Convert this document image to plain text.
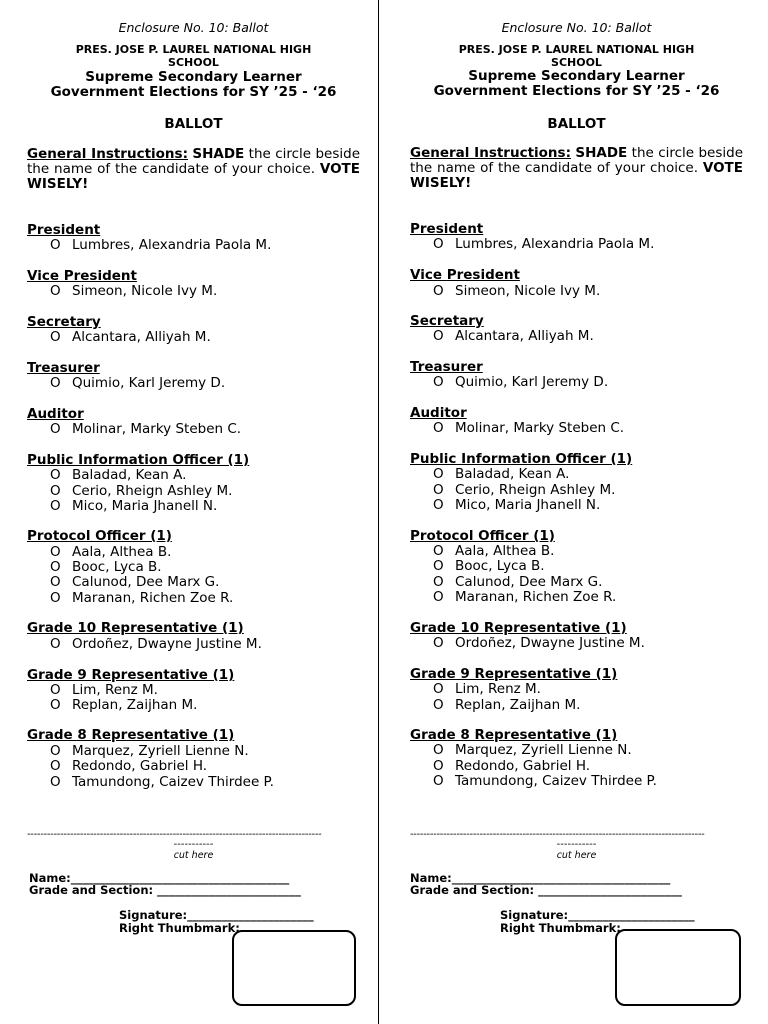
Enclosure No. 10: Ballot
PRES. JOSE P. LAUREL NATIONAL HIGH
SCHOOL
Supreme Secondary Learner
Government Elections for SY ’25 - ‘26
BALLOT
General Instructions: SHADE the circle beside the name of the candidate of your choice. VOTE WISELY!
President
O Lumbres, Alexandria Paola M.
Vice President
O Simeon, Nicole Ivy M.
Secretary
O Alcantara, Alliyah M.
Treasurer
O Quimio, Karl Jeremy D.
Auditor
O Molinar, Marky Steben C.
Public Information Officer (1)
O Baladad, Kean A.
O Cerio, Rheign Ashley M.
O Mico, Maria Jhanell N.
Protocol Officer (1)
O Aala, Althea B.
O Booc, Lyca B.
O Calunod, Dee Marx G.
O Maranan, Richen Zoe R.
Grade 10 Representative (1)
O Ordoñez, Dwayne Justine M.
Grade 9 Representative (1)
O Lim, Renz M.
O Replan, Zaijhan M.
Grade 8 Representative (1)
O Marquez, Zyriell Lienne N.
O Redondo, Gabriel H.
O Tamundong, Caizev Thirdee P.
-----------------------------------------------------------------------------------------
-----------
cut here
Name:______________________________________
Grade and Section: _________________________
Signature:______________________
Right Thumbmark:
Enclosure No. 10: Ballot
PRES. JOSE P. LAUREL NATIONAL HIGH
SCHOOL
Supreme Secondary Learner
Government Elections for SY ’25 - ‘26
BALLOT
General Instructions: SHADE the circle beside the name of the candidate of your choice. VOTE WISELY!
President
O Lumbres, Alexandria Paola M.
Vice President
O Simeon, Nicole Ivy M.
Secretary
O Alcantara, Alliyah M.
Treasurer
O Quimio, Karl Jeremy D.
Auditor
O Molinar, Marky Steben C.
Public Information Officer (1)
O Baladad, Kean A.
O Cerio, Rheign Ashley M.
O Mico, Maria Jhanell N.
Protocol Officer (1)
O Aala, Althea B.
O Booc, Lyca B.
O Calunod, Dee Marx G.
O Maranan, Richen Zoe R.
Grade 10 Representative (1)
O Ordoñez, Dwayne Justine M.
Grade 9 Representative (1)
O Lim, Renz M.
O Replan, Zaijhan M.
Grade 8 Representative (1)
O Marquez, Zyriell Lienne N.
O Redondo, Gabriel H.
O Tamundong, Caizev Thirdee P.
-----------------------------------------------------------------------------------------
-----------
cut here
Name:______________________________________
Grade and Section: _________________________
Signature:______________________
Right Thumbmark:
